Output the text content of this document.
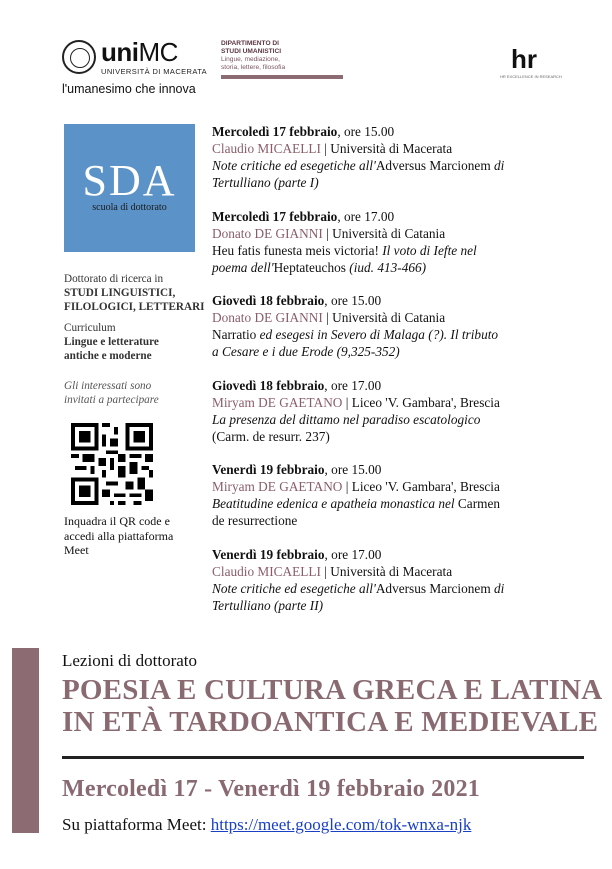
uniMC
UNIVERSITÀ DI MACERATA
l'umanesimo che innova
DIPARTIMENTO DI
STUDI UMANISTICI
Lingue, mediazione,
storia, lettere, filosofia	hr
HR EXCELLENCE IN RESEARCH
SDA
scuola di dottorato
Dottorato di ricerca in
STUDI LINGUISTICI,
FILOLOGICI, LETTERARI
Curriculum
Lingue e letterature
antiche e moderne
Gli interessati sono
invitati a partecipare
Inquadra il QR code e
accedi alla piattaforma
Meet
Mercoledì 17 febbraio, ore 15.00
Claudio MICAELLI | Università di Macerata
Note critiche ed esegetiche all'Adversus Marcionem di
Tertulliano (parte I)
Mercoledì 17 febbraio, ore 17.00
Donato DE GIANNI | Università di Catania
Heu fatis funesta meis victoria! Il voto di Iefte nel
poema dell'Heptateuchos (iud. 413-466)
Giovedì 18 febbraio, ore 15.00
Donato DE GIANNI | Università di Catania
Narratio ed esegesi in Severo di Malaga (?). Il tributo
a Cesare e i due Erode (9,325-352)
Giovedì 18 febbraio, ore 17.00
Miryam DE GAETANO | Liceo 'V. Gambara', Brescia
La presenza del dittamo nel paradiso escatologico
(Carm. de resurr. 237)
Venerdì 19 febbraio, ore 15.00
Miryam DE GAETANO | Liceo 'V. Gambara', Brescia
Beatitudine edenica e apatheia monastica nel Carmen
de resurrectione
Venerdì 19 febbraio, ore 17.00
Claudio MICAELLI | Università di Macerata
Note critiche ed esegetiche all'Adversus Marcionem di
Tertulliano (parte II)
Lezioni di dottorato
POESIA E CULTURA GRECA E LATINA
IN ETÀ TARDOANTICA E MEDIEVALE
Mercoledì 17 - Venerdì 19 febbraio 2021
Su piattaforma Meet: https://meet.google.com/tok-wnxa-njk
